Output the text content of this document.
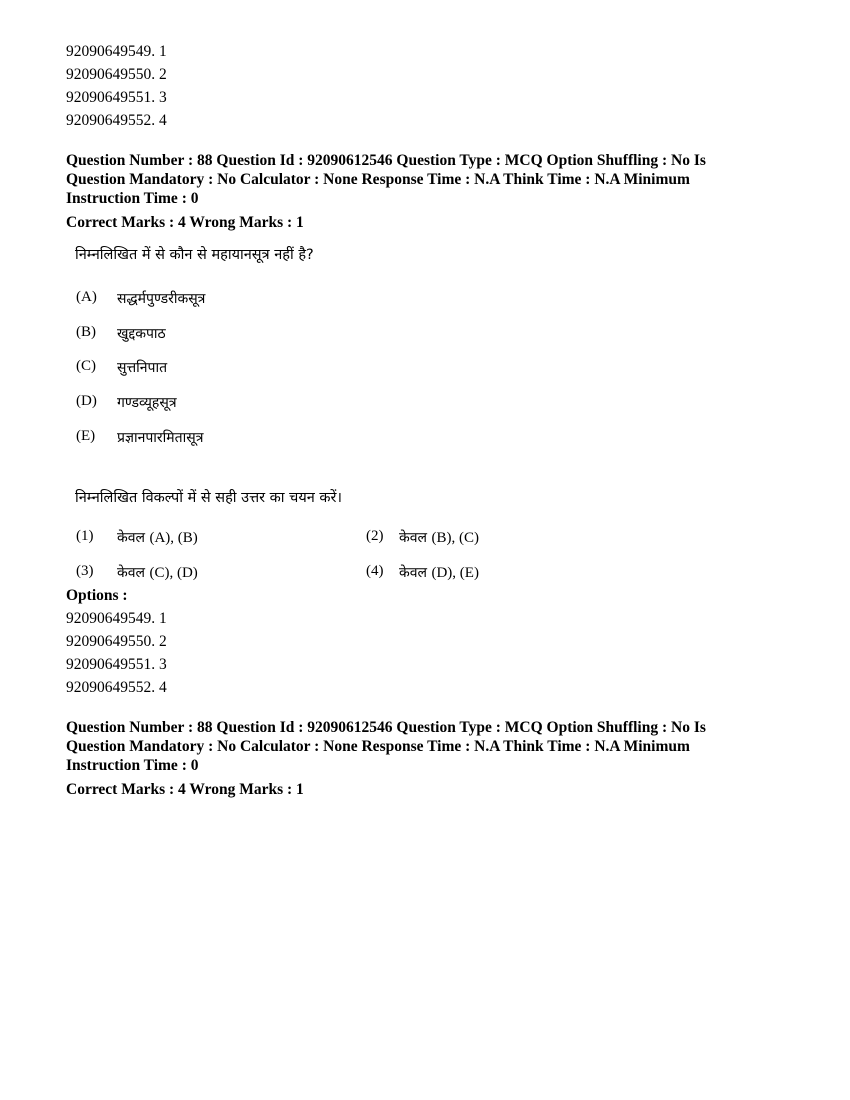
92090649549. 1
92090649550. 2
92090649551. 3
92090649552. 4
Question Number : 88 Question Id : 92090612546 Question Type : MCQ Option Shuffling : No Is
Question Mandatory : No Calculator : None Response Time : N.A Think Time : N.A Minimum
Instruction Time : 0
Correct Marks : 4 Wrong Marks : 1
निम्नलिखित में से कौन से महायानसूत्र नहीं है?
(A) सद्धर्मपुण्डरीकसूत्र
(B) खुद्दकपाठ
(C) सुत्तनिपात
(D) गण्डव्यूहसूत्र
(E) प्रज्ञानपारमितासूत्र
निम्नलिखित विकल्पों में से सही उत्तर का चयन करें।
(1) केवल (A), (B)	(2) केवल (B), (C)
(3) केवल (C), (D)	(4) केवल (D), (E)
Options :
92090649549. 1
92090649550. 2
92090649551. 3
92090649552. 4
Question Number : 88 Question Id : 92090612546 Question Type : MCQ Option Shuffling : No Is
Question Mandatory : No Calculator : None Response Time : N.A Think Time : N.A Minimum
Instruction Time : 0
Correct Marks : 4 Wrong Marks : 1
